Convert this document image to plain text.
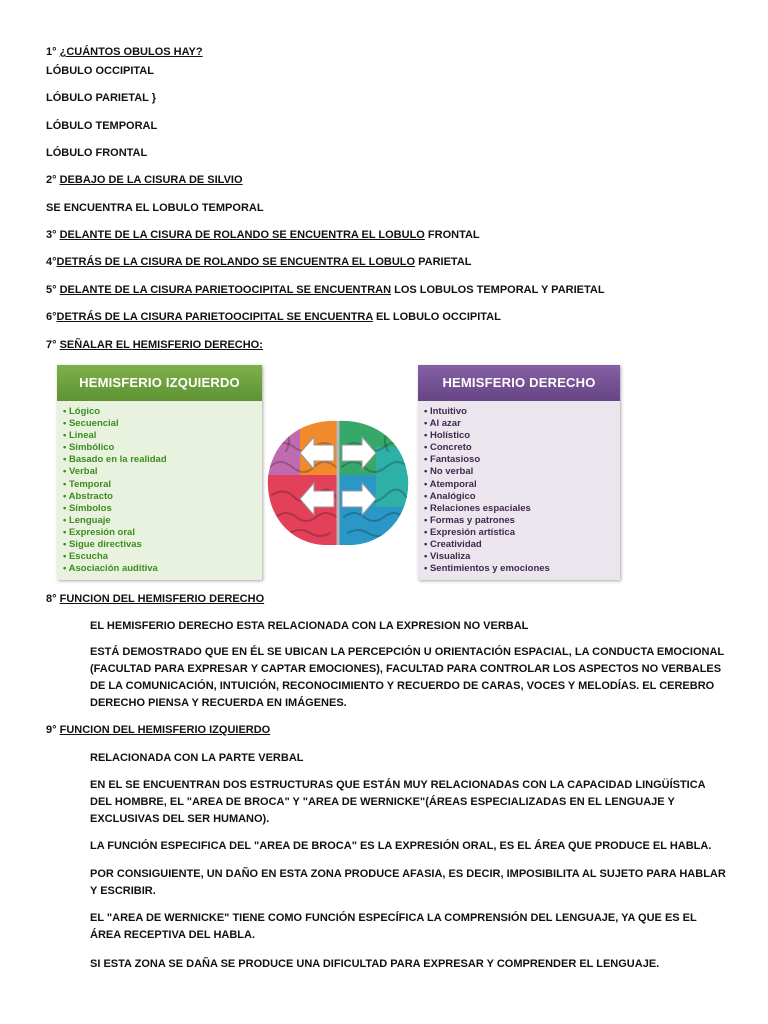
1° ¿CUÁNTOS OBULOS HAY?
LÓBULO OCCIPITAL
LÓBULO PARIETAL }
LÓBULO TEMPORAL
LÓBULO FRONTAL
2° DEBAJO DE LA CISURA DE SILVIO
SE ENCUENTRA EL LOBULO TEMPORAL
3° DELANTE DE LA CISURA DE ROLANDO SE ENCUENTRA EL LOBULO FRONTAL
4°DETRÁS DE LA CISURA DE ROLANDO SE ENCUENTRA EL LOBULO PARIETAL
5° DELANTE DE LA CISURA PARIETOOCIPITAL SE ENCUENTRAN LOS LOBULOS TEMPORAL Y PARIETAL
6°DETRÁS DE LA CISURA PARIETOOCIPITAL SE ENCUENTRA EL LOBULO OCCIPITAL
7° SEÑALAR EL HEMISFERIO DERECHO:
HEMISFERIO IZQUIERDO
• Lógico
• Secuencial
• Lineal
• Simbólico
• Basado en la realidad
• Verbal
• Temporal
• Abstracto
• Símbolos
• Lenguaje
• Expresión oral
• Sigue directivas
• Escucha
• Asociación auditiva
HEMISFERIO DERECHO
• Intuitivo
• Al azar
• Holístico
• Concreto
• Fantasioso
• No verbal
• Atemporal
• Analógico
• Relaciones espaciales
• Formas y patrones
• Expresión artística
• Creatividad
• Visualiza
• Sentimientos y emociones
8° FUNCION DEL HEMISFERIO DERECHO
EL HEMISFERIO DERECHO ESTA RELACIONADA CON LA EXPRESION NO VERBAL
ESTÁ DEMOSTRADO QUE EN ÉL SE UBICAN LA PERCEPCIÓN U ORIENTACIÓN ESPACIAL, LA CONDUCTA EMOCIONAL (FACULTAD PARA EXPRESAR Y CAPTAR EMOCIONES), FACULTAD PARA CONTROLAR LOS ASPECTOS NO VERBALES DE LA COMUNICACIÓN, INTUICIÓN, RECONOCIMIENTO Y RECUERDO DE CARAS, VOCES Y MELODÍAS. EL CEREBRO DERECHO PIENSA Y RECUERDA EN IMÁGENES.
9° FUNCION DEL HEMISFERIO IZQUIERDO
RELACIONADA CON LA PARTE VERBAL
EN EL SE ENCUENTRAN DOS ESTRUCTURAS QUE ESTÁN MUY RELACIONADAS CON LA CAPACIDAD LINGÜÍSTICA DEL HOMBRE, EL "AREA DE BROCA" Y "AREA DE WERNICKE"(ÁREAS ESPECIALIZADAS EN EL LENGUAJE Y EXCLUSIVAS DEL SER HUMANO).
LA FUNCIÓN ESPECIFICA DEL "AREA DE BROCA" ES LA EXPRESIÓN ORAL, ES EL ÁREA QUE PRODUCE EL HABLA.
POR CONSIGUIENTE, UN DAÑO EN ESTA ZONA PRODUCE AFASIA, ES DECIR, IMPOSIBILITA AL SUJETO PARA HABLAR Y ESCRIBIR.
EL "AREA DE WERNICKE" TIENE COMO FUNCIÓN ESPECÍFICA LA COMPRENSIÓN DEL LENGUAJE, YA QUE ES EL ÁREA RECEPTIVA DEL HABLA.
SI ESTA ZONA SE DAÑA SE PRODUCE UNA DIFICULTAD PARA EXPRESAR Y COMPRENDER EL LENGUAJE.
